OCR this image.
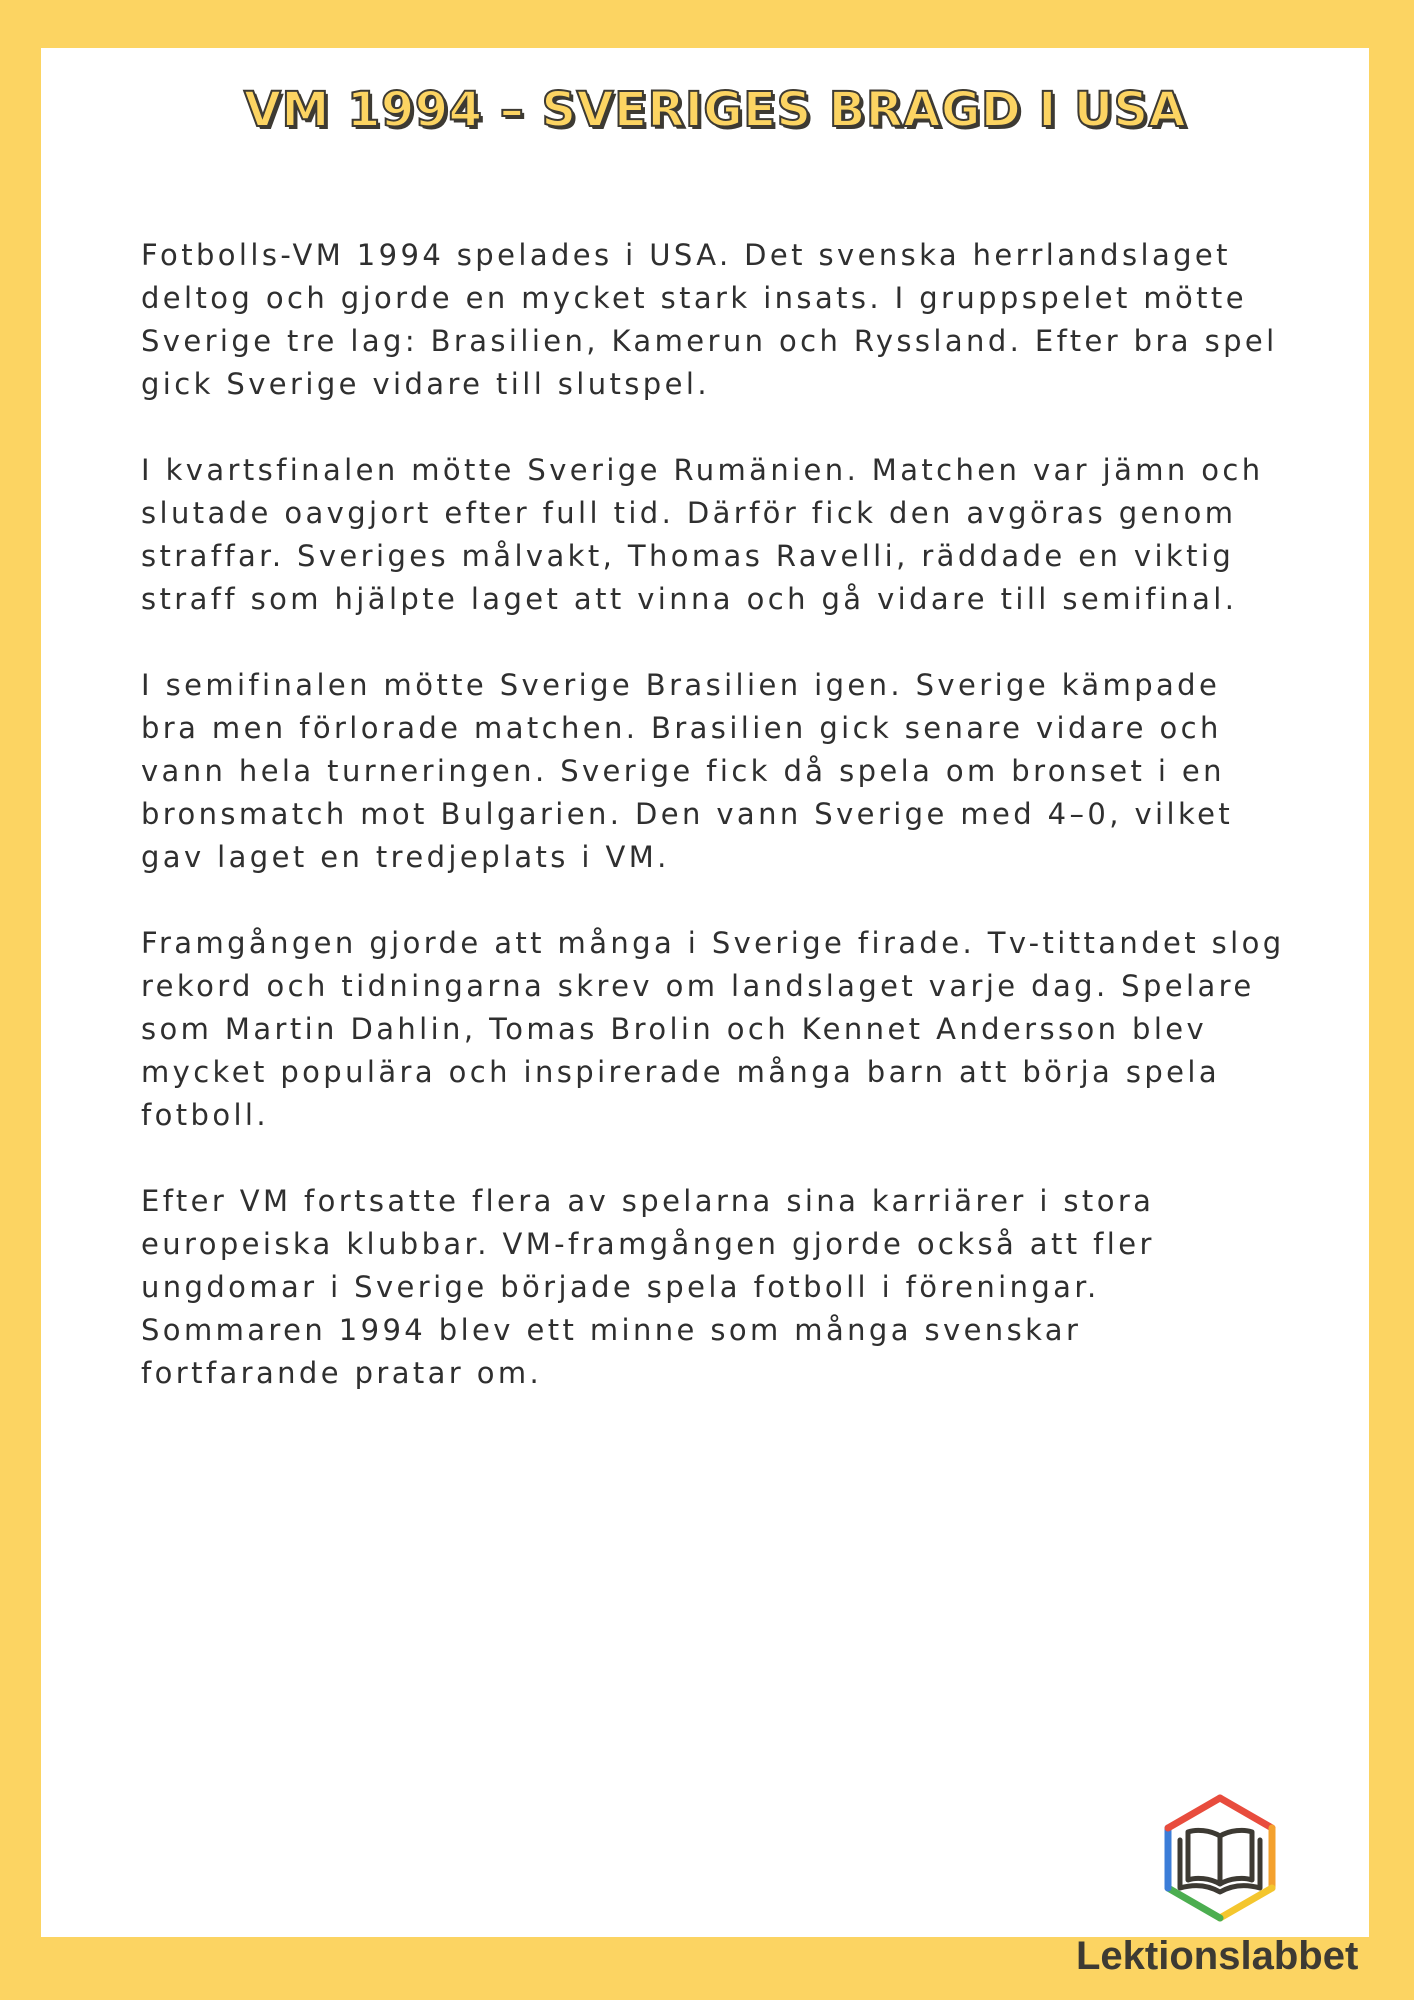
VM 1994 – SVERIGES BRAGD I USA

Fotbolls-VM 1994 spelades i USA. Det svenska herrlandslaget deltog och gjorde en mycket stark insats. I gruppspelet mötte Sverige tre lag: Brasilien, Kamerun och Ryssland. Efter bra spel gick Sverige vidare till slutspel.

I kvartsfinalen mötte Sverige Rumänien. Matchen var jämn och slutade oavgjort efter full tid. Därför fick den avgöras genom straffar. Sveriges målvakt, Thomas Ravelli, räddade en viktig straff som hjälpte laget att vinna och gå vidare till semifinal.

I semifinalen mötte Sverige Brasilien igen. Sverige kämpade bra men förlorade matchen. Brasilien gick senare vidare och vann hela turneringen. Sverige fick då spela om bronset i en bronsmatch mot Bulgarien. Den vann Sverige med 4–0, vilket gav laget en tredjeplats i VM.

Framgången gjorde att många i Sverige firade. Tv-tittandet slog rekord och tidningarna skrev om landslaget varje dag. Spelare som Martin Dahlin, Tomas Brolin och Kennet Andersson blev mycket populära och inspirerade många barn att börja spela fotboll.

Efter VM fortsatte flera av spelarna sina karriärer i stora europeiska klubbar. VM-framgången gjorde också att fler ungdomar i Sverige började spela fotboll i föreningar. Sommaren 1994 blev ett minne som många svenskar fortfarande pratar om.

Lektionslabbet
